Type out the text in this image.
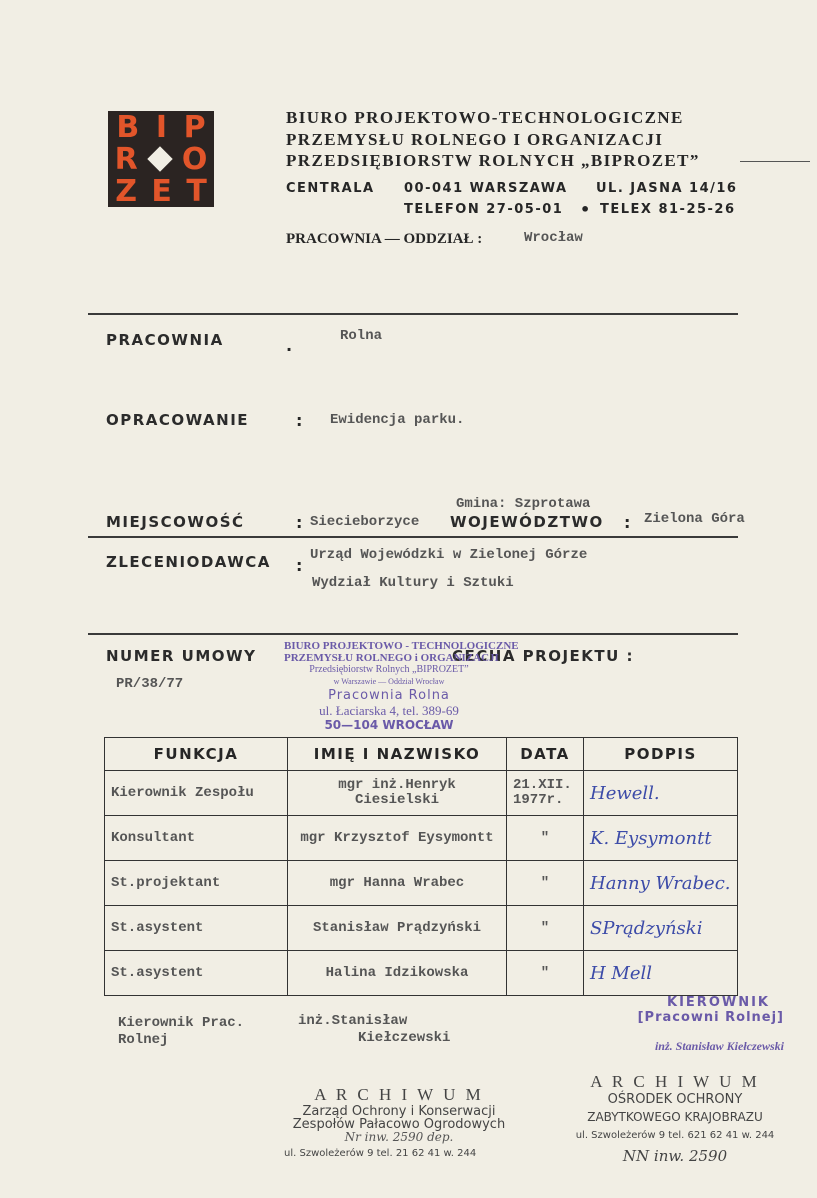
B I P
R O
Z E T
BIURO PROJEKTOWO-TECHNOLOGICZNE
PRZEMYSŁU ROLNEGO I ORGANIZACJI
PRZEDSIĘBIORSTW ROLNYCH „BIPROZET”
CENTRALA 00-041 WARSZAWA UL. JASNA 14/16
TELEFON 27-05-01 • TELEX 81-25-26
PRACOWNIA — ODDZIAŁ :	Wrocław
PRACOWNIA	.	Rolna
OPRACOWANIE	: Ewidencja parku.
Gmina: Szprotawa
MIEJSCOWOŚĆ	: Siecieborzyce WOJEWÓDZTWO : Zielona Góra
ZLECENIODAWCA :
Urząd Wojewódzki w Zielonej Górze
Wydział Kultury i Sztuki
NUMER UMOWY
PR/38/77
CECHA PROJEKTU :
BIURO PROJEKTOWO - TECHNOLOGICZNE
PRZEMYSŁU ROLNEGO i ORGANIZACJI
Przedsiębiorstw Rolnych „BIPROZET”
w Warszawie — Oddział Wrocław
Pracownia Rolna
ul. Łaciarska 4, tel. 389-69
50—104 WROCŁAW
FUNKCJA	IMIĘ I NAZWISKO	DATA	PODPIS
Kierownik Zespołu	mgr inż.Henryk Ciesielski	21.XII. 1977r.	Hewell.
Konsultant	mgr Krzysztof Eysymontt	"	K. Eysymontt
St.projektant	mgr Hanna Wrabec	"	Hanny Wrabec.
St.asystent	Stanisław Prądzyński	"	SPrądzyński
St.asystent	Halina Idzikowska	"	H Mell
Kierownik Prac. Rolnej
inż.Stanisław
Kiełczewski
KIEROWNIK
[Pracowni Rolnej]
inż. Stanisław Kiełczewski
A R C H I W U M
Zarząd Ochrony i Konserwacji
Zespołów Pałacowo Ogrodowych
Nr inw. 2590 dep.
ul. Szwoleżerów 9 tel. 21 62 41 w. 244
A R C H I W U M
OŚRODEK OCHRONY
ZABYTKOWEGO KRAJOBRAZU
ul. Szwoleżerów 9 tel. 621 62 41 w. 244
NN inw. 2590
